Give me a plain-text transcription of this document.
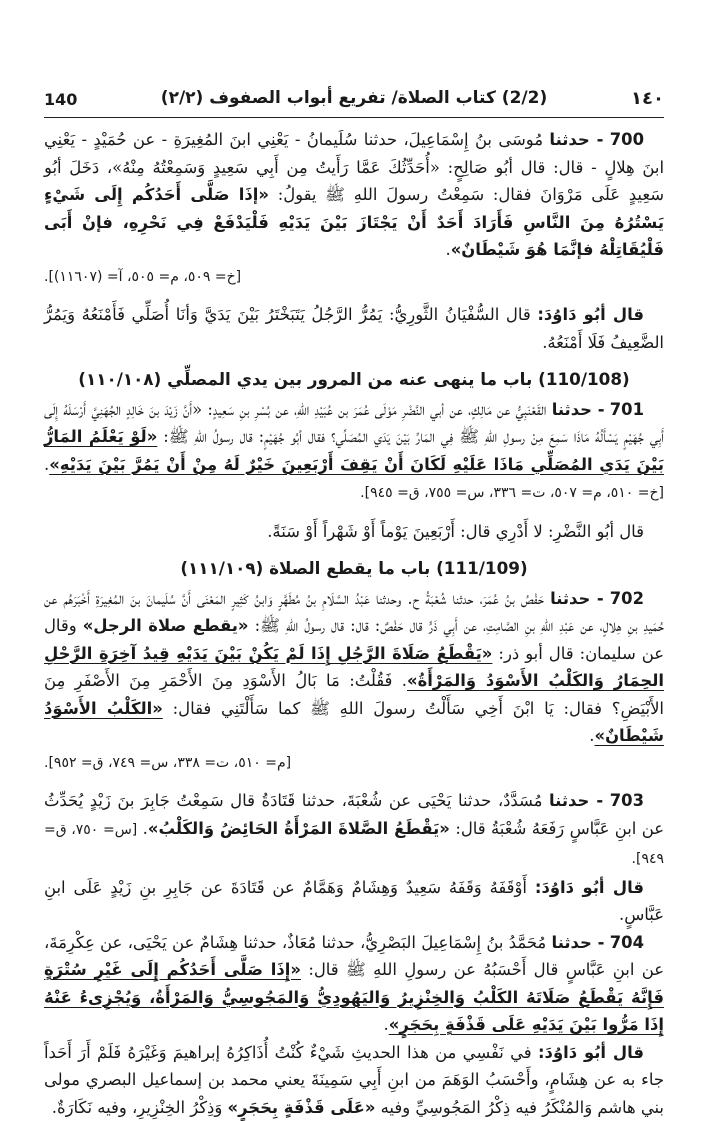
١٤٠
(2/2) كتاب الصلاة/ تفريع أبواب الصفوف (٢/٢)
140

700 - حدثنا مُوسَى بنُ إِسْمَاعِيلَ، حدثنا سُلَيمانُ - يَعْنِي ابنَ المُغِيرَةِ - عن حُمَيْدٍ - يَعْنِي ابنَ هِلالٍ - قال: قال أبُو صَالِحٍ: «أُحَدِّثُكَ عَمَّا رَأَيتُ مِن أَبِي سَعِيدٍ وَسَمِعْتُهُ مِنْهُ»، دَخَلَ أبُو سَعِيدٍ عَلَى مَرْوَانَ فقال: سَمِعْتُ رسولَ اللهِ ﷺ يقولُ: «إذَا صَلَّى أَحَدُكُم إِلَى شَيْءٍ يَسْتُرُهُ مِنَ النَّاسِ فَأَرَادَ أَحَدٌ أَنْ يَجْتَازَ بَيْنَ يَدَيْهِ فَلْيَدْفَعْ فِي نَحْرِهِ، فإنْ أَبَى فَلْيُقَاتِلْهُ فإنَّمَا هُوَ شَيْطَانٌ».

[خ= ٥٠٩، م= ٥٠٥، آ= (١١٦٠٧)].

قال أبُو دَاوُدَ: قال السُّفْيَانُ الثَّورِيُّ: يَمُرُّ الرَّجُلُ يَتَبَخْتَرُ بَيْنَ يَدَيَّ وَأنَا أُصَلِّي فَأَمْنَعُهُ وَيَمُرُّ الضَّعِيفُ فَلَا أَمْنَعُهُ.

(110/108) باب ما ينهى عنه من المرور بين يدي المصلِّي (١١٠/١٠٨)

701 - حدثنا القَعْنَبِيُّ عن مَالِكٍ، عن أبي النَّضْرِ مَوْلَى عُمَرَ بن عُبَيْدِ اللهِ، عن بُسْرِ بنِ سَعِيدٍ: «أَنَّ زَيْدَ بنَ خَالِدٍ الجُهَنِيَّ أَرْسَلَهُ إِلَى أَبِي جُهَيْمٍ يَسْأَلُهُ مَاذَا سَمِعَ مِنْ رسولِ اللهِ ﷺ فِي المَارِّ بَيْنَ يَدَي المُصَلِّي؟ فقال أبُو جُهَيْمٍ: قال رسولُ اللهِ ﷺ: «لَوْ يَعْلَمُ المَارُّ بَيْنَ يَدَي المُصَلِّي مَاذَا عَلَيْهِ لَكَانَ أَنْ يَقِفَ أَرْبَعِينَ خَيْرٌ لَهُ مِنْ أَنْ يَمُرَّ بَيْنَ يَدَيْهِ». [خ= ٥١٠، م= ٥٠٧، ت= ٣٣٦، س= ٧٥٥، ق= ٩٤٥].

قال أبُو النَّضْرِ: لا أَدْرِي قال: أَرْبَعِينَ يَوْماً أَوْ شَهْراً أَوْ سَنَةً.

(111/109) باب ما يقطع الصلاة (١١١/١٠٩)

702 - حدثنا حَفْصُ بنُ عُمَرَ، حدثنا شُعْبَةُ ح. وحدثنا عَبْدُ السَّلَامِ بنُ مُطَهَّرٍ وَابنُ كَثِيرٍ المَعْنَى أَنَّ سُلَيمانَ بنَ المُغِيرَةِ أَخْبَرَهُم عن حُمَيدِ بنِ هِلالٍ، عن عَبْدِ اللهِ بنِ الصَّامِتِ، عن أَبِي ذَرٍّ قال حَفْصٌ: قال: قال رسولُ اللهِ ﷺ: «يقطع صلاة الرجل» وقال عن سليمان: قال أبو ذر: «يَقْطَعُ صَلَاةَ الرَّجُلِ إِذَا لَمْ يَكُنْ بَيْنَ يَدَيْهِ قِيدُ آخِرَةِ الرَّحْلِ الحِمَارُ وَالكَلْبُ الأَسْوَدُ وَالمَرْأَةُ». فَقُلْتُ: مَا بَالُ الأَسْوَدِ مِنَ الأَحْمَرِ مِنَ الأَصْفَرِ مِنَ الأَبْيَضِ؟ فقال: يَا ابْنَ أَخِي سَأَلْتُ رسولَ اللهِ ﷺ كما سَأَلْتَنِي فقال: «الكَلْبُ الأَسْوَدُ شَيْطَانٌ».

[م= ٥١٠، ت= ٣٣٨، س= ٧٤٩، ق= ٩٥٢].

703 - حدثنا مُسَدَّدٌ، حدثنا يَحْيَى عن شُعْبَةَ، حدثنا قَتَادَةُ قال سَمِعْتُ جَابِرَ بنَ زَيْدٍ يُحَدِّثُ عن ابنِ عَبَّاسٍ رَفَعَهُ شُعْبَةُ قال: «يَقْطَعُ الصَّلاةَ المَرْأَةُ الحَائِضُ وَالكَلْبُ». [س= ٧٥٠، ق= ٩٤٩].

قال أبُو دَاوُدَ: أَوْقَفَهُ وَقَفَهُ سَعِيدٌ وَهِشَامٌ وَهَمَّامٌ عن قَتَادَةَ عن جَابِرِ بنِ زَيْدٍ عَلَى ابنِ عَبَّاسٍ.

704 - حدثنا مُحَمَّدُ بنُ إِسْمَاعِيلَ البَصْرِيُّ، حدثنا مُعَاذٌ، حدثنا هِشَامٌ عن يَحْيَى، عن عِكْرِمَةَ، عن ابنِ عَبَّاسٍ قال أَحْسَبُهُ عن رسولِ اللهِ ﷺ قال: «إِذَا صَلَّى أَحَدُكُم إِلَى غَيْرِ سُتْرَةٍ فَإِنَّهُ يَقْطَعُ صَلَاتَهُ الكَلْبُ وَالخِنْزِيرُ وَاليَهُودِيُّ وَالمَجُوسِيُّ وَالمَرْأَةُ، وَيُجْزِىءُ عَنْهُ إِذَا مَرُّوا بَيْنَ يَدَيْهِ عَلَى قَذْفَةٍ بِحَجَرٍ».

قال أبُو دَاوُدَ: في نَفْسِي من هذا الحديثِ شَيْءٌ كُنْتُ أُذَاكِرُهُ إبراهيمَ وَغَيْرَهُ فَلَمْ أَرَ أَحَداً جاء به عن هِشَامٍ، وأَحْسَبُ الوَهَمَ من ابنِ أَبِي سَمِينَةَ يعني محمد بن إسماعيل البصري مولى بني هاشم وَالمُنْكَرُ فيه ذِكْرُ المَجُوسِيِّ وفيه «عَلَى قَذْفَةٍ بِحَجَرٍ» وَذِكْرُ الخِنْزِيرِ، وفيه نَكَارَةٌ.
